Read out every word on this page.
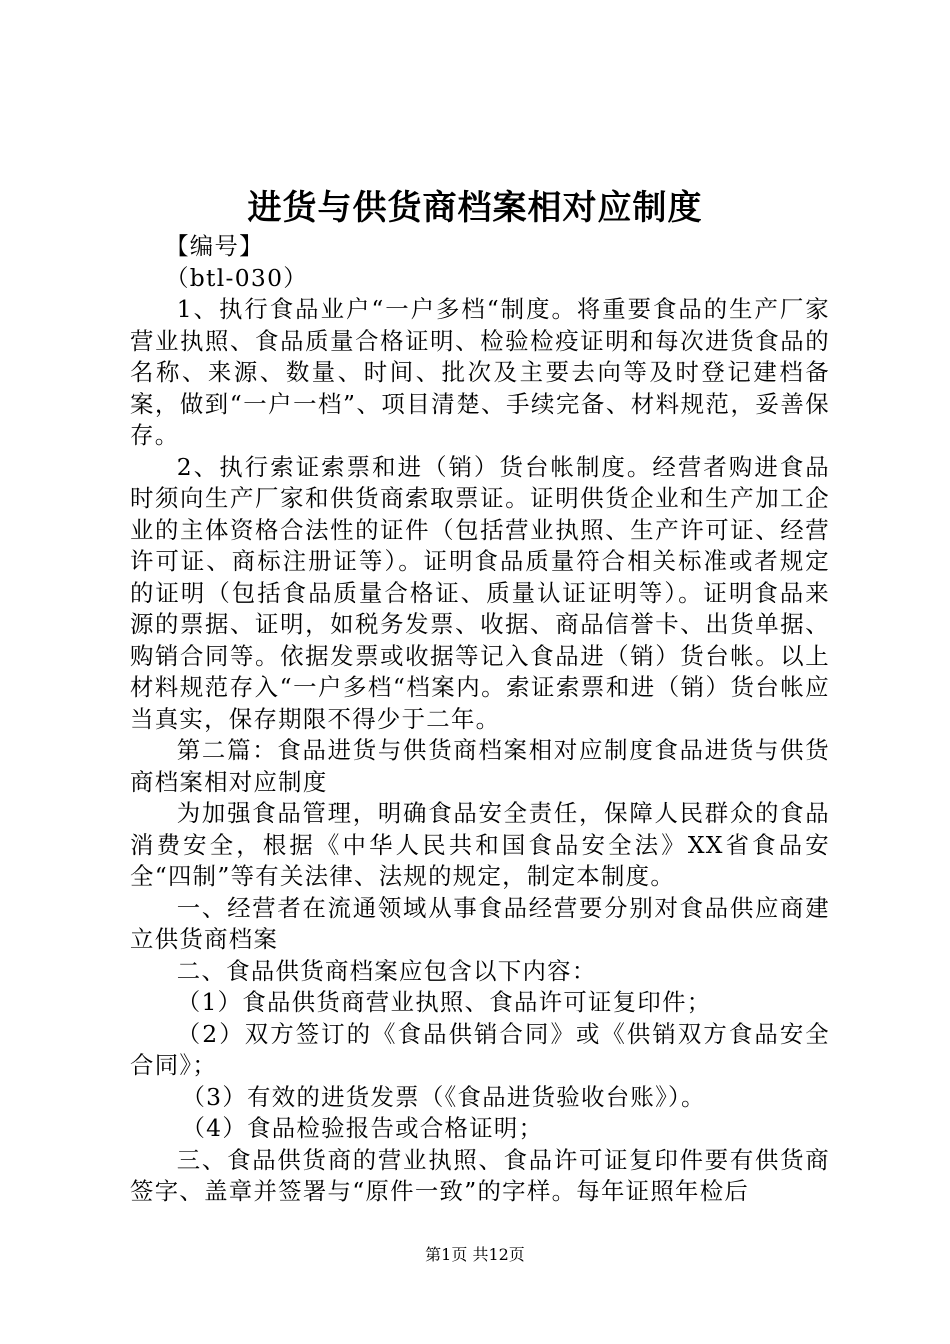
进货与供货商档案相对应制度

【编号】

（btl-030）

1、执行食品业户“一户多档“制度。将重要食品的生产厂家营业执照、食品质量合格证明、检验检疫证明和每次进货食品的名称、来源、数量、时间、批次及主要去向等及时登记建档备案，做到“一户一档”、项目清楚、手续完备、材料规范，妥善保存。

2、执行索证索票和进（销）货台帐制度。经营者购进食品时须向生产厂家和供货商索取票证。证明供货企业和生产加工企业的主体资格合法性的证件（包括营业执照、生产许可证、经营许可证、商标注册证等）。证明食品质量符合相关标准或者规定的证明（包括食品质量合格证、质量认证证明等）。证明食品来源的票据、证明，如税务发票、收据、商品信誉卡、出货单据、购销合同等。依据发票或收据等记入食品进（销）货台帐。以上材料规范存入“一户多档“档案内。索证索票和进（销）货台帐应当真实，保存期限不得少于二年。

第二篇：食品进货与供货商档案相对应制度食品进货与供货商档案相对应制度

为加强食品管理，明确食品安全责任，保障人民群众的食品消费安全，根据《中华人民共和国食品安全法》XX省食品安全“四制”等有关法律、法规的规定，制定本制度。

一、经营者在流通领域从事食品经营要分别对食品供应商建立供货商档案

二、食品供货商档案应包含以下内容：

（1）食品供货商营业执照、食品许可证复印件；

（2）双方签订的《食品供销合同》或《供销双方食品安全合同》；

（3）有效的进货发票（《食品进货验收台账》）。

（4）食品检验报告或合格证明；

三、食品供货商的营业执照、食品许可证复印件要有供货商签字、盖章并签署与“原件一致”的字样。每年证照年检后

第1页 共12页
